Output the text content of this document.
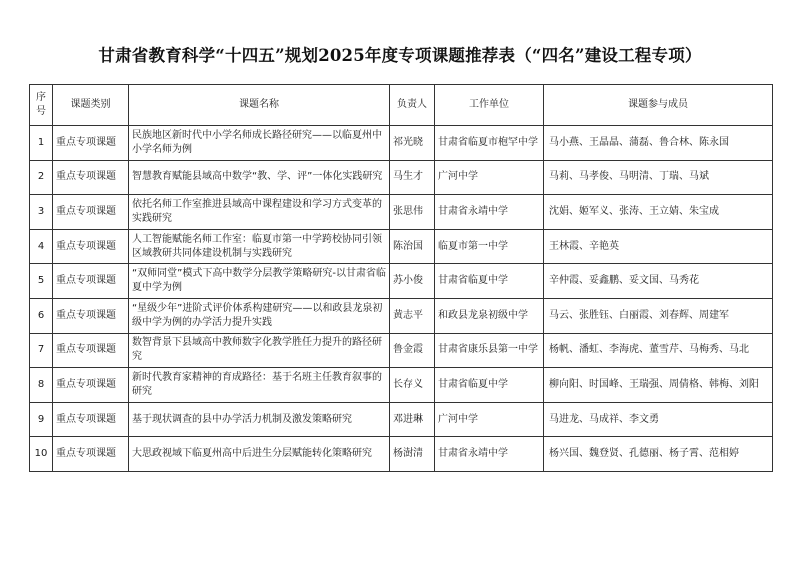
甘肃省教育科学“十四五”规划2025年度专项课题推荐表（“四名”建设工程专项）
序号	课题类别	课题名称	负责人	工作单位	课题参与成员
1	重点专项课题	民族地区新时代中小学名师成长路径研究——以临夏州中小学名师为例	祁光晓	甘肃省临夏市枹罕中学	马小燕、王晶晶、蒲磊、鲁合林、陈永国
2	重点专项课题	智慧教育赋能县域高中数学“教、学、评”一体化实践研究	马生才	广河中学	马莉、马孝俊、马明清、丁瑞、马斌
3	重点专项课题	依托名师工作室推进县域高中课程建设和学习方式变革的实践研究	张思伟	甘肃省永靖中学	沈娟、姬军义、张涛、王立婧、朱宝成
4	重点专项课题	人工智能赋能名师工作室：临夏市第一中学跨校协同引领区域教研共同体建设机制与实践研究	陈治国	临夏市第一中学	王林霞、辛艳英
5	重点专项课题	“双师同堂”模式下高中数学分层教学策略研究-以甘肃省临夏中学为例	苏小俊	甘肃省临夏中学	辛仲霞、妥鑫鹏、妥文国、马秀花
6	重点专项课题	“星级少年”进阶式评价体系构建研究——以和政县龙泉初级中学为例的办学活力提升实践	黄志平	和政县龙泉初级中学	马云、张胜钰、白丽霞、刘春辉、周建军
7	重点专项课题	数智背景下县域高中教师数字化教学胜任力提升的路径研究	鲁金霞	甘肃省康乐县第一中学	杨帆、潘虹、李海虎、董雪芹、马梅秀、马北
8	重点专项课题	新时代教育家精神的育成路径：基于名班主任教育叙事的研究	长存义	甘肃省临夏中学	柳向阳、时国峰、王瑞强、周倩格、韩梅、刘阳
9	重点专项课题	基于现状调查的县中办学活力机制及激发策略研究	邓进琳	广河中学	马进龙、马成祥、李文勇
10	重点专项课题	大思政视域下临夏州高中后进生分层赋能转化策略研究	杨澍清	甘肃省永靖中学	杨兴国、魏登贤、孔德丽、杨子霄、范相婷
